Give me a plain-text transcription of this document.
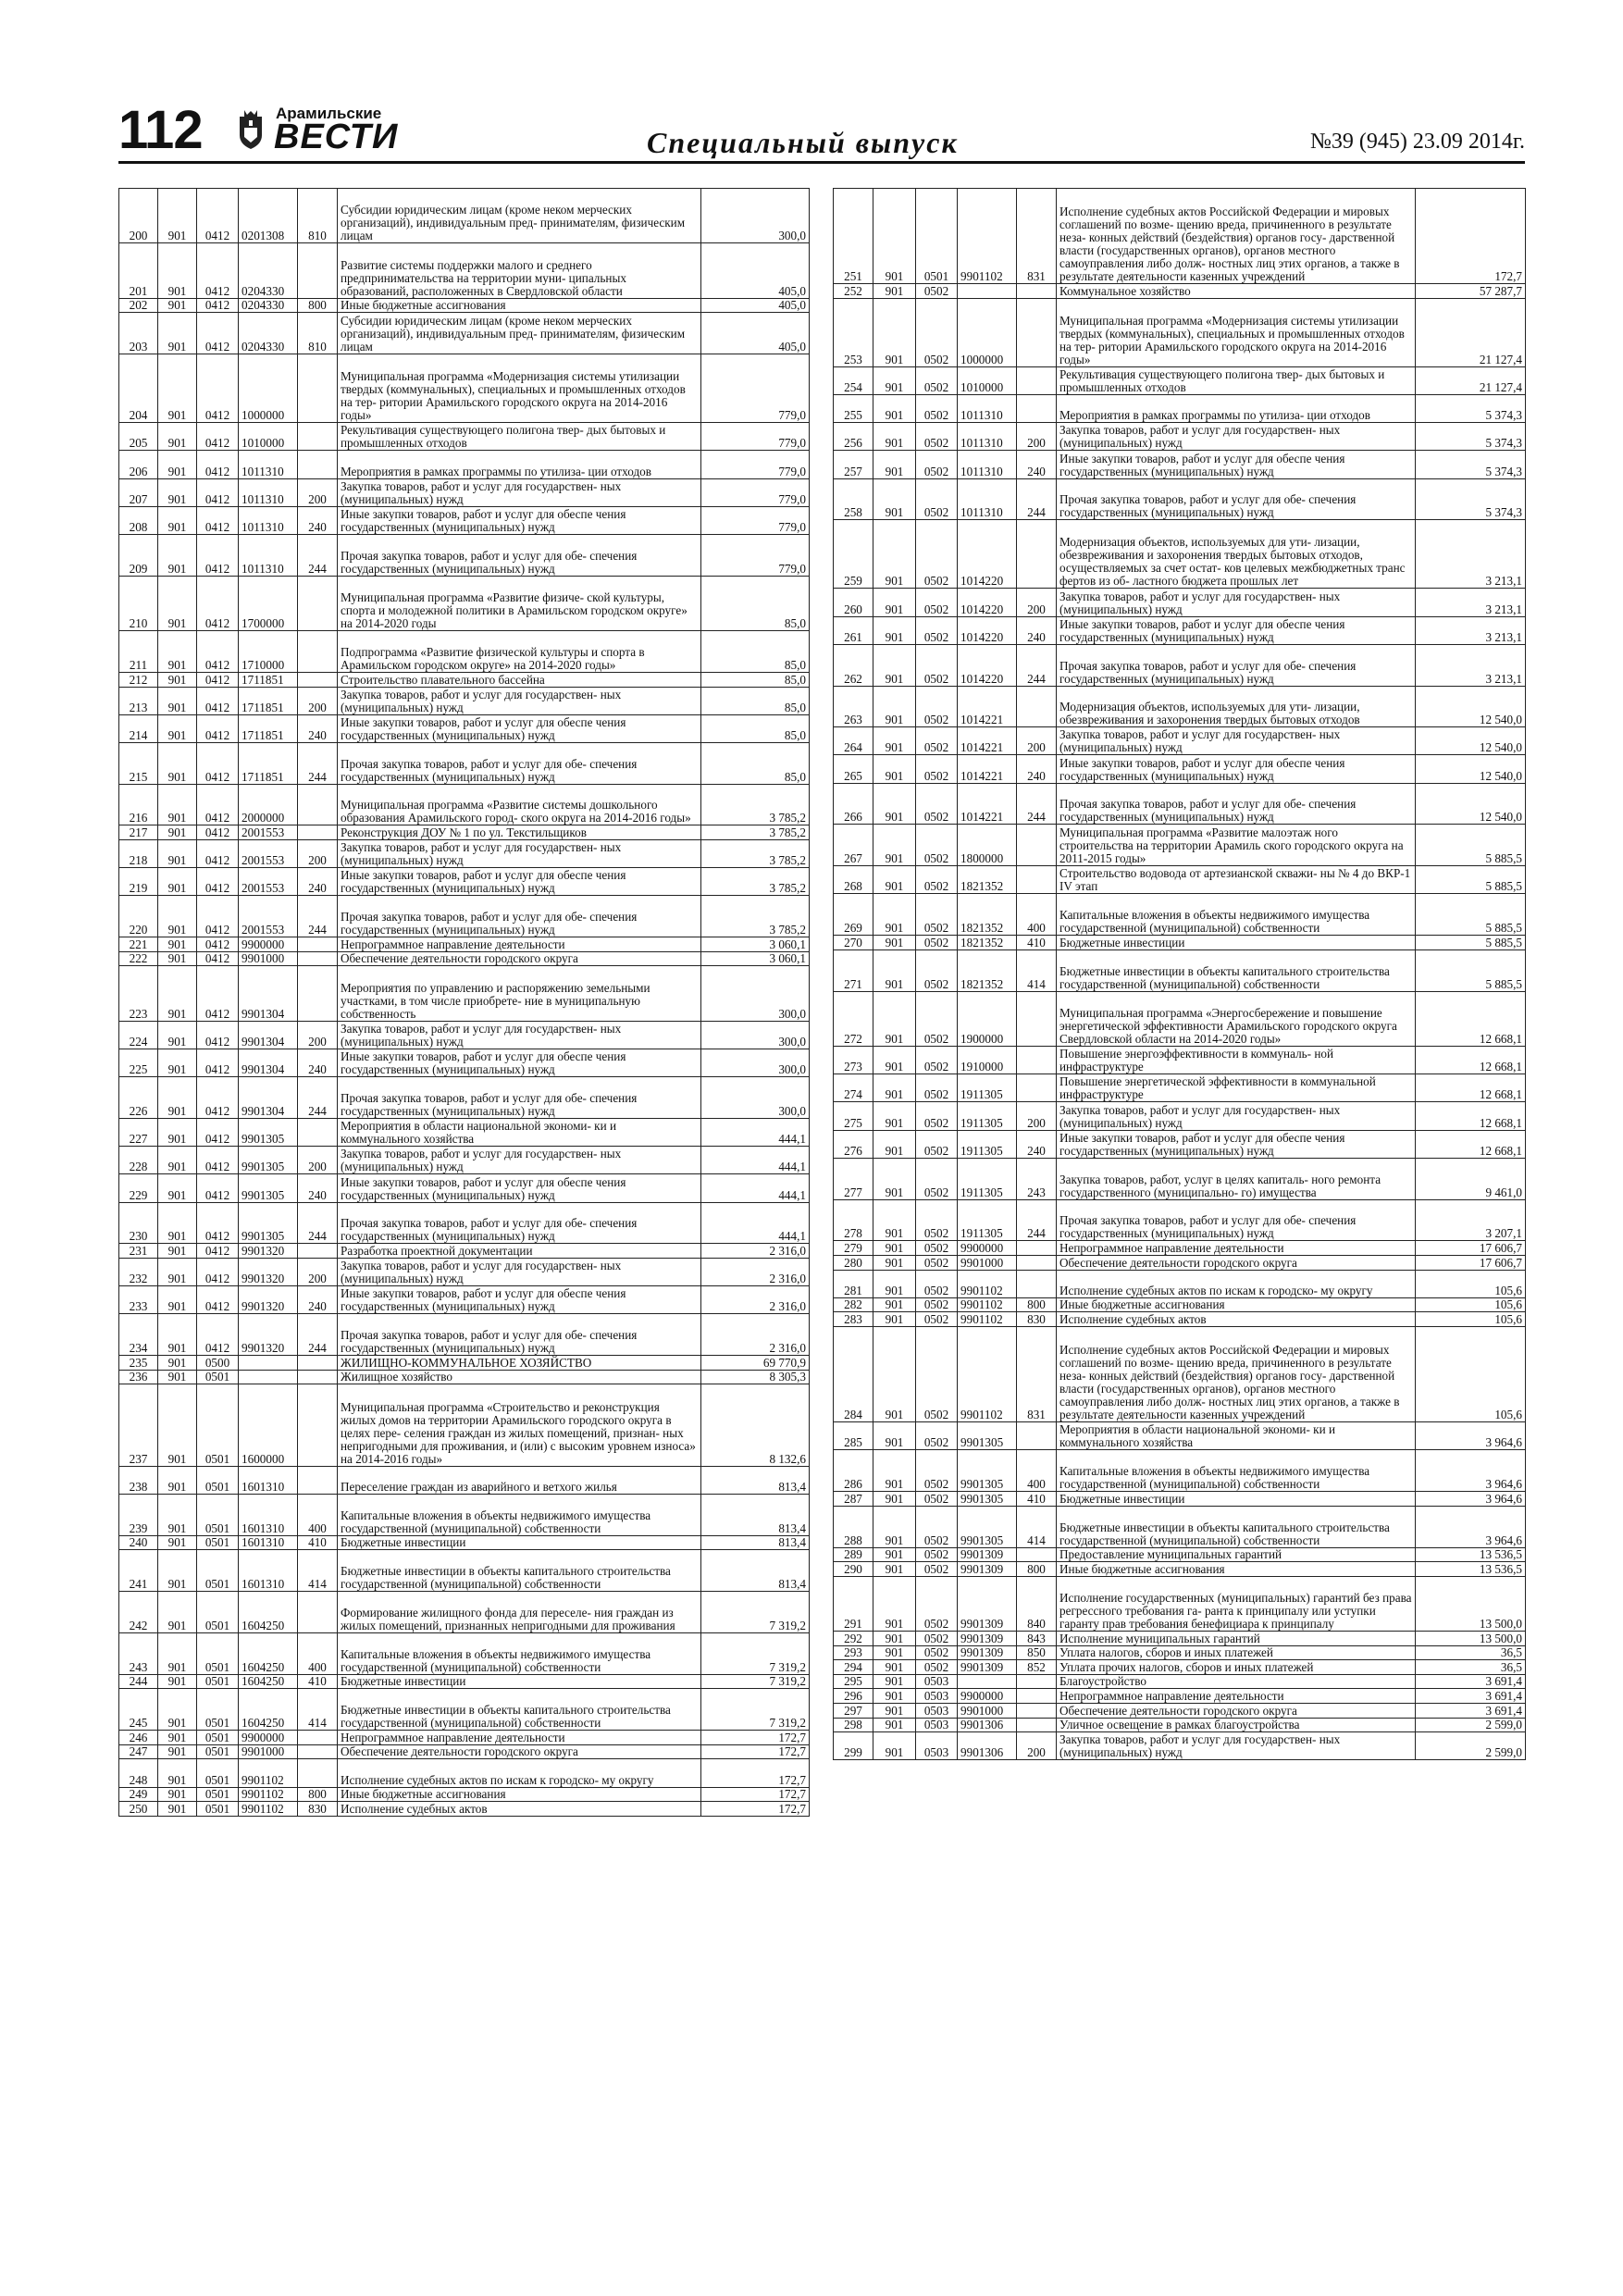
112	Арамильские
ВЕСТИ	Специальный выпуск	№39 (945) 23.09 2014г.
200	901	0412	0201308	810	Субсидии юридическим лицам (кроме неком мерческих организаций), индивидуальным пред- принимателям, физическим лицам	300,0
201	901	0412	0204330		Развитие системы поддержки малого и среднего предпринимательства на территории муни- ципальных образований, расположенных в Свердловской области	405,0
202	901	0412	0204330	800	Иные бюджетные ассигнования	405,0
203	901	0412	0204330	810	Субсидии юридическим лицам (кроме неком мерческих организаций), индивидуальным пред- принимателям, физическим лицам	405,0
204	901	0412	1000000		Муниципальная программа «Модернизация системы утилизации твердых (коммунальных), специальных и промышленных отходов на тер- ритории Арамильского городского округа на 2014-2016 годы»	779,0
205	901	0412	1010000		Рекультивация существующего полигона твер- дых бытовых и промышленных отходов	779,0
206	901	0412	1011310		Мероприятия в рамках программы по утилиза- ции отходов	779,0
207	901	0412	1011310	200	Закупка товаров, работ и услуг для государствен- ных (муниципальных) нужд	779,0
208	901	0412	1011310	240	Иные закупки товаров, работ и услуг для обеспе чения государственных (муниципальных) нужд	779,0
209	901	0412	1011310	244	Прочая закупка товаров, работ и услуг для обе- спечения государственных (муниципальных) нужд	779,0
210	901	0412	1700000		Муниципальная программа «Развитие физиче- ской культуры, спорта и молодежной политики в Арамильском городском округе» на 2014-2020 годы	85,0
211	901	0412	1710000		Подпрограмма «Развитие физической культуры и спорта в Арамильском городском округе» на 2014-2020 годы»	85,0
212	901	0412	1711851		Строительство плавательного бассейна	85,0
213	901	0412	1711851	200	Закупка товаров, работ и услуг для государствен- ных (муниципальных) нужд	85,0
214	901	0412	1711851	240	Иные закупки товаров, работ и услуг для обеспе чения государственных (муниципальных) нужд	85,0
215	901	0412	1711851	244	Прочая закупка товаров, работ и услуг для обе- спечения государственных (муниципальных) нужд	85,0
216	901	0412	2000000		Муниципальная программа «Развитие системы дошкольного образования Арамильского город- ского округа на 2014-2016 годы»	3 785,2
217	901	0412	2001553		Реконструкция ДОУ № 1 по ул. Текстильщиков	3 785,2
218	901	0412	2001553	200	Закупка товаров, работ и услуг для государствен- ных (муниципальных) нужд	3 785,2
219	901	0412	2001553	240	Иные закупки товаров, работ и услуг для обеспе чения государственных (муниципальных) нужд	3 785,2
220	901	0412	2001553	244	Прочая закупка товаров, работ и услуг для обе- спечения государственных (муниципальных) нужд	3 785,2
221	901	0412	9900000		Непрограммное направление деятельности	3 060,1
222	901	0412	9901000		Обеспечение деятельности городского округа	3 060,1
223	901	0412	9901304		Мероприятия по управлению и распоряжению земельными участками, в том числе приобрете- ние в муниципальную собственность	300,0
224	901	0412	9901304	200	Закупка товаров, работ и услуг для государствен- ных (муниципальных) нужд	300,0
225	901	0412	9901304	240	Иные закупки товаров, работ и услуг для обеспе чения государственных (муниципальных) нужд	300,0
226	901	0412	9901304	244	Прочая закупка товаров, работ и услуг для обе- спечения государственных (муниципальных) нужд	300,0
227	901	0412	9901305		Мероприятия в области национальной экономи- ки и коммунального хозяйства	444,1
228	901	0412	9901305	200	Закупка товаров, работ и услуг для государствен- ных (муниципальных) нужд	444,1
229	901	0412	9901305	240	Иные закупки товаров, работ и услуг для обеспе чения государственных (муниципальных) нужд	444,1
230	901	0412	9901305	244	Прочая закупка товаров, работ и услуг для обе- спечения государственных (муниципальных) нужд	444,1
231	901	0412	9901320		Разработка проектной документации	2 316,0
232	901	0412	9901320	200	Закупка товаров, работ и услуг для государствен- ных (муниципальных) нужд	2 316,0
233	901	0412	9901320	240	Иные закупки товаров, работ и услуг для обеспе чения государственных (муниципальных) нужд	2 316,0
234	901	0412	9901320	244	Прочая закупка товаров, работ и услуг для обе- спечения государственных (муниципальных) нужд	2 316,0
235	901	0500			ЖИЛИЩНО-КОММУНАЛЬНОЕ ХОЗЯЙСТВО	69 770,9
236	901	0501			Жилищное хозяйство	8 305,3
237	901	0501	1600000		Муниципальная программа «Строительство и реконструкция жилых домов на территории Арамильского городского округа в целях пере- селения граждан из жилых помещений, признан- ных непригодными для проживания, и (или) с высоким уровнем износа» на 2014-2016 годы»	8 132,6
238	901	0501	1601310		Переселение граждан из аварийного и ветхого жилья	813,4
239	901	0501	1601310	400	Капитальные вложения в объекты недвижимого имущества государственной (муниципальной) собственности	813,4
240	901	0501	1601310	410	Бюджетные инвестиции	813,4
241	901	0501	1601310	414	Бюджетные инвестиции в объекты капитального строительства государственной (муниципальной) собственности	813,4
242	901	0501	1604250		Формирование жилищного фонда для переселе- ния граждан из жилых помещений, признанных непригодными для проживания	7 319,2
243	901	0501	1604250	400	Капитальные вложения в объекты недвижимого имущества государственной (муниципальной) собственности	7 319,2
244	901	0501	1604250	410	Бюджетные инвестиции	7 319,2
245	901	0501	1604250	414	Бюджетные инвестиции в объекты капитального строительства государственной (муниципальной) собственности	7 319,2
246	901	0501	9900000		Непрограммное направление деятельности	172,7
247	901	0501	9901000		Обеспечение деятельности городского округа	172,7
248	901	0501	9901102		Исполнение судебных актов по искам к городско- му округу	172,7
249	901	0501	9901102	800	Иные бюджетные ассигнования	172,7
250	901	0501	9901102	830	Исполнение судебных актов	172,7
251	901	0501	9901102	831	Исполнение судебных актов Российской Федерации и мировых соглашений по возме- щению вреда, причиненного в результате неза- конных действий (бездействия) органов госу- дарственной власти (государственных органов), органов местного самоуправления либо долж- ностных лиц этих органов, а также в результате деятельности казенных учреждений	172,7
252	901	0502			Коммунальное хозяйство	57 287,7
253	901	0502	1000000		Муниципальная программа «Модернизация системы утилизации твердых (коммунальных), специальных и промышленных отходов на тер- ритории Арамильского городского округа на 2014-2016 годы»	21 127,4
254	901	0502	1010000		Рекультивация существующего полигона твер- дых бытовых и промышленных отходов	21 127,4
255	901	0502	1011310		Мероприятия в рамках программы по утилиза- ции отходов	5 374,3
256	901	0502	1011310	200	Закупка товаров, работ и услуг для государствен- ных (муниципальных) нужд	5 374,3
257	901	0502	1011310	240	Иные закупки товаров, работ и услуг для обеспе чения государственных (муниципальных) нужд	5 374,3
258	901	0502	1011310	244	Прочая закупка товаров, работ и услуг для обе- спечения государственных (муниципальных) нужд	5 374,3
259	901	0502	1014220		Модернизация объектов, используемых для ути- лизации, обезвреживания и захоронения твердых бытовых отходов, осуществляемых за счет остат- ков целевых межбюджетных транс фертов из об- ластного бюджета прошлых лет	3 213,1
260	901	0502	1014220	200	Закупка товаров, работ и услуг для государствен- ных (муниципальных) нужд	3 213,1
261	901	0502	1014220	240	Иные закупки товаров, работ и услуг для обеспе чения государственных (муниципальных) нужд	3 213,1
262	901	0502	1014220	244	Прочая закупка товаров, работ и услуг для обе- спечения государственных (муниципальных) нужд	3 213,1
263	901	0502	1014221		Модернизация объектов, используемых для ути- лизации, обезвреживания и захоронения твердых бытовых отходов	12 540,0
264	901	0502	1014221	200	Закупка товаров, работ и услуг для государствен- ных (муниципальных) нужд	12 540,0
265	901	0502	1014221	240	Иные закупки товаров, работ и услуг для обеспе чения государственных (муниципальных) нужд	12 540,0
266	901	0502	1014221	244	Прочая закупка товаров, работ и услуг для обе- спечения государственных (муниципальных) нужд	12 540,0
267	901	0502	1800000		Муниципальная программа «Развитие малоэтаж ного строительства на территории Арамиль ского городского округа на 2011-2015 годы»	5 885,5
268	901	0502	1821352		Строительство водовода от артезианской скважи- ны № 4 до ВКР-1 IV этап	5 885,5
269	901	0502	1821352	400	Капитальные вложения в объекты недвижимого имущества государственной (муниципальной) собственности	5 885,5
270	901	0502	1821352	410	Бюджетные инвестиции	5 885,5
271	901	0502	1821352	414	Бюджетные инвестиции в объекты капитального строительства государственной (муниципальной) собственности	5 885,5
272	901	0502	1900000		Муниципальная программа «Энергосбережение и повышение энергетической эффективности Арамильского городского округа Свердловской области на 2014-2020 годы»	12 668,1
273	901	0502	1910000		Повышение энергоэффективности в коммуналь- ной инфраструктуре	12 668,1
274	901	0502	1911305		Повышение энергетической эффективности в коммунальной инфраструктуре	12 668,1
275	901	0502	1911305	200	Закупка товаров, работ и услуг для государствен- ных (муниципальных) нужд	12 668,1
276	901	0502	1911305	240	Иные закупки товаров, работ и услуг для обеспе чения государственных (муниципальных) нужд	12 668,1
277	901	0502	1911305	243	Закупка товаров, работ, услуг в целях капиталь- ного ремонта государственного (муниципально- го) имущества	9 461,0
278	901	0502	1911305	244	Прочая закупка товаров, работ и услуг для обе- спечения государственных (муниципальных) нужд	3 207,1
279	901	0502	9900000		Непрограммное направление деятельности	17 606,7
280	901	0502	9901000		Обеспечение деятельности городского округа	17 606,7
281	901	0502	9901102		Исполнение судебных актов по искам к городско- му округу	105,6
282	901	0502	9901102	800	Иные бюджетные ассигнования	105,6
283	901	0502	9901102	830	Исполнение судебных актов	105,6
284	901	0502	9901102	831	Исполнение судебных актов Российской Федерации и мировых соглашений по возме- щению вреда, причиненного в результате неза- конных действий (бездействия) органов госу- дарственной власти (государственных органов), органов местного самоуправления либо долж- ностных лиц этих органов, а также в результате деятельности казенных учреждений	105,6
285	901	0502	9901305		Мероприятия в области национальной экономи- ки и коммунального хозяйства	3 964,6
286	901	0502	9901305	400	Капитальные вложения в объекты недвижимого имущества государственной (муниципальной) собственности	3 964,6
287	901	0502	9901305	410	Бюджетные инвестиции	3 964,6
288	901	0502	9901305	414	Бюджетные инвестиции в объекты капитального строительства государственной (муниципальной) собственности	3 964,6
289	901	0502	9901309		Предоставление муниципальных гарантий	13 536,5
290	901	0502	9901309	800	Иные бюджетные ассигнования	13 536,5
291	901	0502	9901309	840	Исполнение государственных (муниципальных) гарантий без права регрессного требования га- ранта к принципалу или уступки гаранту прав требования бенефициара к принципалу	13 500,0
292	901	0502	9901309	843	Исполнение муниципальных гарантий	13 500,0
293	901	0502	9901309	850	Уплата налогов, сборов и иных платежей	36,5
294	901	0502	9901309	852	Уплата прочих налогов, сборов и иных платежей	36,5
295	901	0503			Благоустройство	3 691,4
296	901	0503	9900000		Непрограммное направление деятельности	3 691,4
297	901	0503	9901000		Обеспечение деятельности городского округа	3 691,4
298	901	0503	9901306		Уличное освещение в рамках благоустройства	2 599,0
299	901	0503	9901306	200	Закупка товаров, работ и услуг для государствен- ных (муниципальных) нужд	2 599,0
